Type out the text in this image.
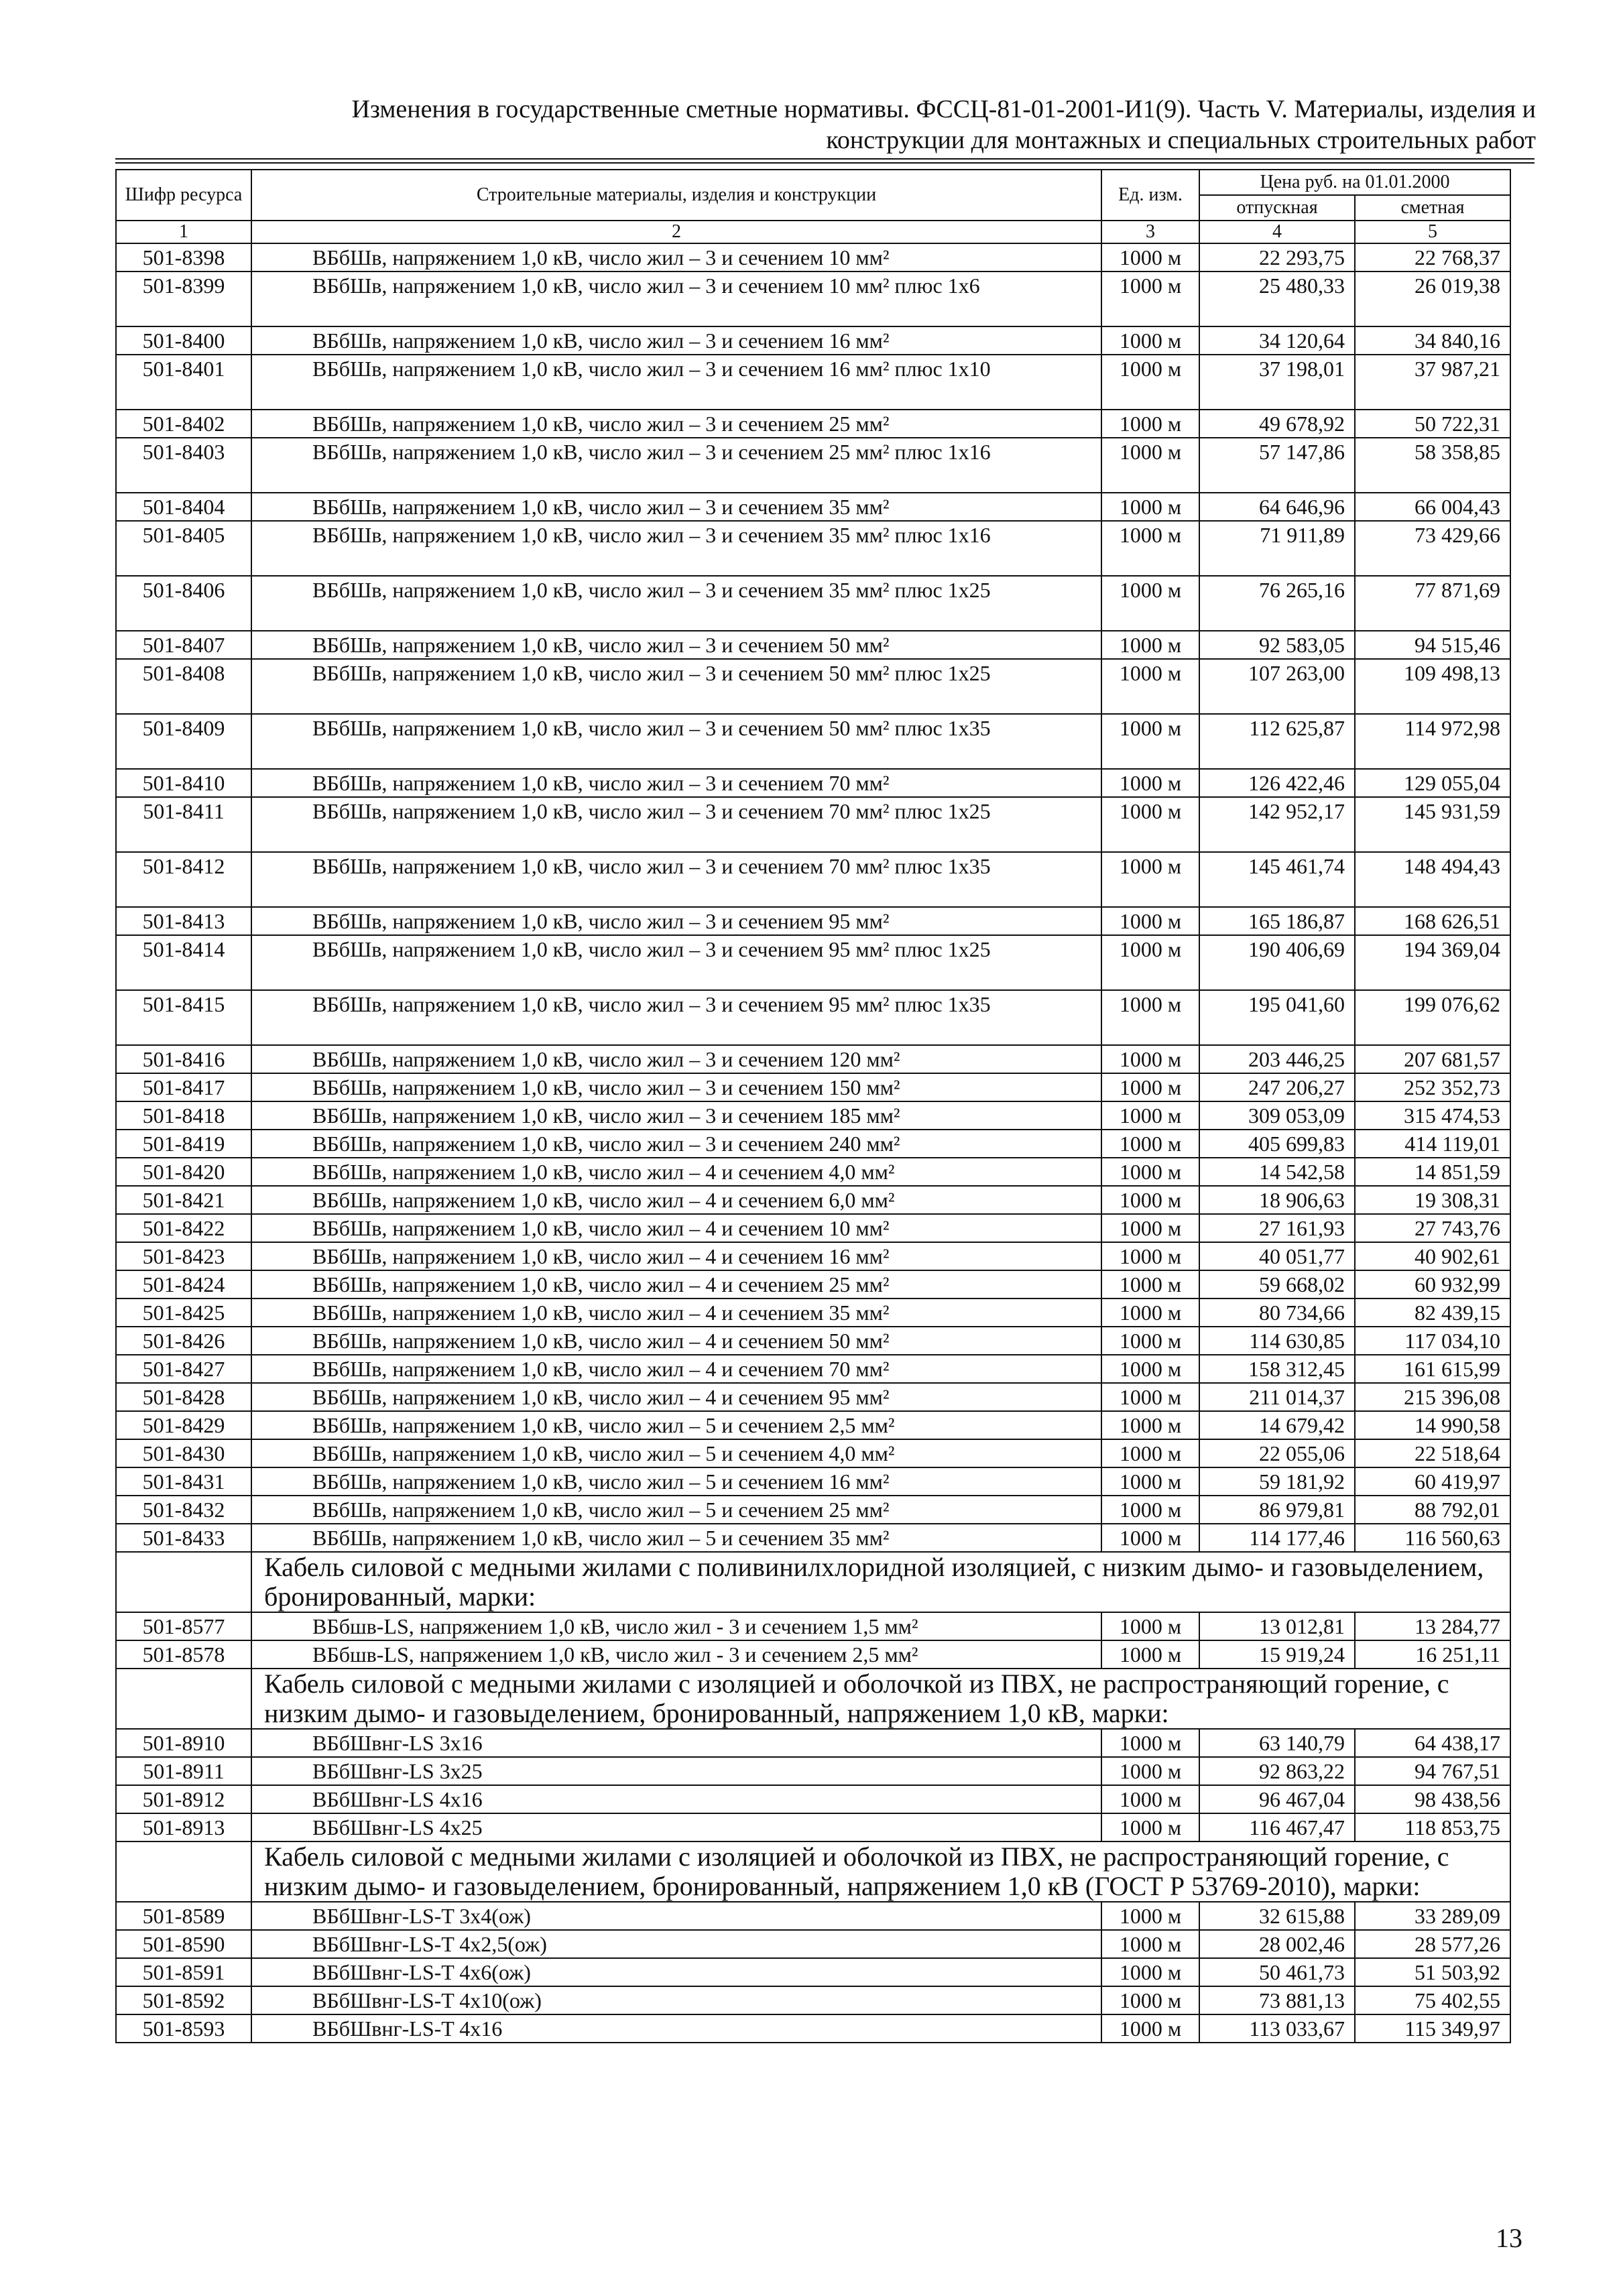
Изменения в государственные сметные нормативы. ФССЦ-81-01-2001-И1(9). Часть V. Материалы, изделия и
конструкции для монтажных и специальных строительных работ
Шифр ресурса	Строительные материалы, изделия и конструкции	Ед. изм.	Цена руб. на 01.01.2000	
			отпускная	сметная
1	2	3	4	5
501-8398	ВБбШв, напряжением 1,0 кВ, число жил – 3 и сечением 10 мм²	1000 м	22 293,75	22 768,37
501-8399	ВБбШв, напряжением 1,0 кВ, число жил – 3 и сечением 10 мм² плюс 1х6	1000 м	25 480,33	26 019,38
501-8400	ВБбШв, напряжением 1,0 кВ, число жил – 3 и сечением 16 мм²	1000 м	34 120,64	34 840,16
501-8401	ВБбШв, напряжением 1,0 кВ, число жил – 3 и сечением 16 мм² плюс 1х10	1000 м	37 198,01	37 987,21
501-8402	ВБбШв, напряжением 1,0 кВ, число жил – 3 и сечением 25 мм²	1000 м	49 678,92	50 722,31
501-8403	ВБбШв, напряжением 1,0 кВ, число жил – 3 и сечением 25 мм² плюс 1х16	1000 м	57 147,86	58 358,85
501-8404	ВБбШв, напряжением 1,0 кВ, число жил – 3 и сечением 35 мм²	1000 м	64 646,96	66 004,43
501-8405	ВБбШв, напряжением 1,0 кВ, число жил – 3 и сечением 35 мм² плюс 1х16	1000 м	71 911,89	73 429,66
501-8406	ВБбШв, напряжением 1,0 кВ, число жил – 3 и сечением 35 мм² плюс 1х25	1000 м	76 265,16	77 871,69
501-8407	ВБбШв, напряжением 1,0 кВ, число жил – 3 и сечением 50 мм²	1000 м	92 583,05	94 515,46
501-8408	ВБбШв, напряжением 1,0 кВ, число жил – 3 и сечением 50 мм² плюс 1х25	1000 м	107 263,00	109 498,13
501-8409	ВБбШв, напряжением 1,0 кВ, число жил – 3 и сечением 50 мм² плюс 1х35	1000 м	112 625,87	114 972,98
501-8410	ВБбШв, напряжением 1,0 кВ, число жил – 3 и сечением 70 мм²	1000 м	126 422,46	129 055,04
501-8411	ВБбШв, напряжением 1,0 кВ, число жил – 3 и сечением 70 мм² плюс 1х25	1000 м	142 952,17	145 931,59
501-8412	ВБбШв, напряжением 1,0 кВ, число жил – 3 и сечением 70 мм² плюс 1х35	1000 м	145 461,74	148 494,43
501-8413	ВБбШв, напряжением 1,0 кВ, число жил – 3 и сечением 95 мм²	1000 м	165 186,87	168 626,51
501-8414	ВБбШв, напряжением 1,0 кВ, число жил – 3 и сечением 95 мм² плюс 1х25	1000 м	190 406,69	194 369,04
501-8415	ВБбШв, напряжением 1,0 кВ, число жил – 3 и сечением 95 мм² плюс 1х35	1000 м	195 041,60	199 076,62
501-8416	ВБбШв, напряжением 1,0 кВ, число жил – 3 и сечением 120 мм²	1000 м	203 446,25	207 681,57
501-8417	ВБбШв, напряжением 1,0 кВ, число жил – 3 и сечением 150 мм²	1000 м	247 206,27	252 352,73
501-8418	ВБбШв, напряжением 1,0 кВ, число жил – 3 и сечением 185 мм²	1000 м	309 053,09	315 474,53
501-8419	ВБбШв, напряжением 1,0 кВ, число жил – 3 и сечением 240 мм²	1000 м	405 699,83	414 119,01
501-8420	ВБбШв, напряжением 1,0 кВ, число жил – 4 и сечением 4,0 мм²	1000 м	14 542,58	14 851,59
501-8421	ВБбШв, напряжением 1,0 кВ, число жил – 4 и сечением 6,0 мм²	1000 м	18 906,63	19 308,31
501-8422	ВБбШв, напряжением 1,0 кВ, число жил – 4 и сечением 10 мм²	1000 м	27 161,93	27 743,76
501-8423	ВБбШв, напряжением 1,0 кВ, число жил – 4 и сечением 16 мм²	1000 м	40 051,77	40 902,61
501-8424	ВБбШв, напряжением 1,0 кВ, число жил – 4 и сечением 25 мм²	1000 м	59 668,02	60 932,99
501-8425	ВБбШв, напряжением 1,0 кВ, число жил – 4 и сечением 35 мм²	1000 м	80 734,66	82 439,15
501-8426	ВБбШв, напряжением 1,0 кВ, число жил – 4 и сечением 50 мм²	1000 м	114 630,85	117 034,10
501-8427	ВБбШв, напряжением 1,0 кВ, число жил – 4 и сечением 70 мм²	1000 м	158 312,45	161 615,99
501-8428	ВБбШв, напряжением 1,0 кВ, число жил – 4 и сечением 95 мм²	1000 м	211 014,37	215 396,08
501-8429	ВБбШв, напряжением 1,0 кВ, число жил – 5 и сечением 2,5 мм²	1000 м	14 679,42	14 990,58
501-8430	ВБбШв, напряжением 1,0 кВ, число жил – 5 и сечением 4,0 мм²	1000 м	22 055,06	22 518,64
501-8431	ВБбШв, напряжением 1,0 кВ, число жил – 5 и сечением 16 мм²	1000 м	59 181,92	60 419,97
501-8432	ВБбШв, напряжением 1,0 кВ, число жил – 5 и сечением 25 мм²	1000 м	86 979,81	88 792,01
501-8433	ВБбШв, напряжением 1,0 кВ, число жил – 5 и сечением 35 мм²	1000 м	114 177,46	116 560,63
	Кабель силовой с медными жилами с поливинилхлоридной изоляцией, с низким дымо- и газовыделением, бронированный, марки:			
501-8577	ВБбшв-LS, напряжением 1,0 кВ, число жил - 3 и сечением 1,5 мм²	1000 м	13 012,81	13 284,77
501-8578	ВБбшв-LS, напряжением 1,0 кВ, число жил - 3 и сечением 2,5 мм²	1000 м	15 919,24	16 251,11
	Кабель силовой с медными жилами с изоляцией и оболочкой из ПВХ, не распространяющий горение, с низким дымо- и газовыделением, бронированный, напряжением 1,0 кВ, марки:			
501-8910	ВБбШвнг-LS 3х16	1000 м	63 140,79	64 438,17
501-8911	ВБбШвнг-LS 3х25	1000 м	92 863,22	94 767,51
501-8912	ВБбШвнг-LS 4х16	1000 м	96 467,04	98 438,56
501-8913	ВБбШвнг-LS 4х25	1000 м	116 467,47	118 853,75
	Кабель силовой с медными жилами с изоляцией и оболочкой из ПВХ, не распространяющий горение, с низким дымо- и газовыделением, бронированный, напряжением 1,0 кВ (ГОСТ Р 53769-2010), марки:			
501-8589	ВБбШвнг-LS-T 3х4(ож)	1000 м	32 615,88	33 289,09
501-8590	ВБбШвнг-LS-T 4х2,5(ож)	1000 м	28 002,46	28 577,26
501-8591	ВБбШвнг-LS-T 4х6(ож)	1000 м	50 461,73	51 503,92
501-8592	ВБбШвнг-LS-T 4х10(ож)	1000 м	73 881,13	75 402,55
501-8593	ВБбШвнг-LS-T 4х16	1000 м	113 033,67	115 349,97
13
